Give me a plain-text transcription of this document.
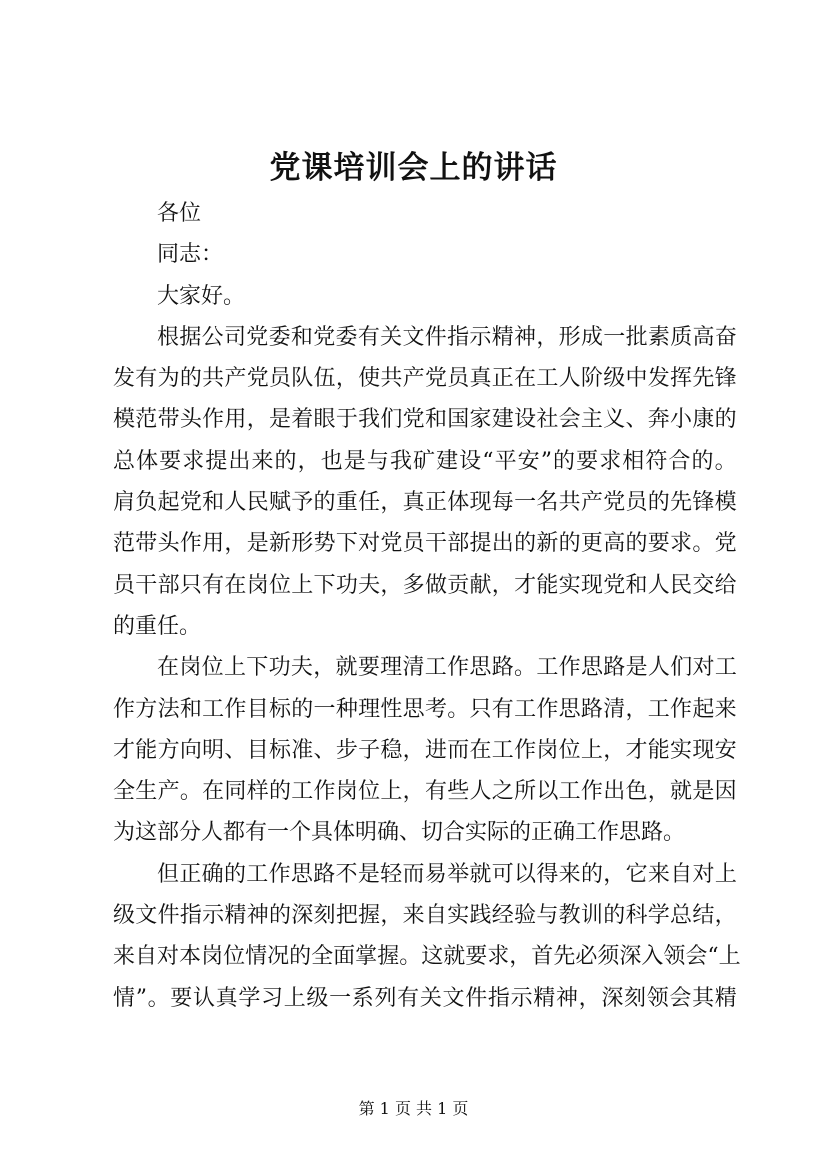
党课培训会上的讲话
各位
同志：
大家好。
根 据 公 司 党 委 和 党 委 有 关 文 件 指 示 精 神 ， 形 成 一 批 素 质 高 奋
发 有 为 的 共 产 党 员 队 伍 ， 使 共 产 党 员 真 正 在 工 人 阶 级 中 发 挥 先 锋
模 范 带 头 作 用 ， 是 着 眼 于 我 们 党 和 国 家 建 设 社 会 主 义 、 奔 小 康 的
总 体 要 求 提 出 来 的 ， 也 是 与 我 矿 建 设 “ 平 安 ” 的 要 求 相 符 合 的 。
肩 负 起 党 和 人 民 赋 予 的 重 任 ， 真 正 体 现 每 一 名 共 产 党 员 的 先 锋 模
范 带 头 作 用 ， 是 新 形 势 下 对 党 员 干 部 提 出 的 新 的 更 高 的 要 求 。 党
员 干 部 只 有 在 岗 位 上 下 功 夫 ， 多 做 贡 献 ， 才 能 实 现 党 和 人 民 交 给
的重任。
在 岗 位 上 下 功 夫 ， 就 要 理 清 工 作 思 路 。 工 作 思 路 是 人 们 对 工
作 方 法 和 工 作 目 标 的 一 种 理 性 思 考 。 只 有 工 作 思 路 清 ， 工 作 起 来
才 能 方 向 明 、 目 标 准 、 步 子 稳 ， 进 而 在 工 作 岗 位 上 ， 才 能 实 现 安
全 生 产 。 在 同 样 的 工 作 岗 位 上 ， 有 些 人 之 所 以 工 作 出 色 ， 就 是 因
为这部分人都有一个具体明确、切合实际的正确工作思路。
但 正 确 的 工 作 思 路 不 是 轻 而 易 举 就 可 以 得 来 的 ， 它 来 自 对 上
级 文 件 指 示 精 神 的 深 刻 把 握 ， 来 自 实 践 经 验 与 教 训 的 科 学 总 结 ，
来 自 对 本 岗 位 情 况 的 全 面 掌 握 。 这 就 要 求 ， 首 先 必 须 深 入 领 会 “ 上
情 ” 。 要 认 真 学 习 上 级 一 系 列 有 关 文 件 指 示 精 神 ， 深 刻 领 会 其 精

第 1 页 共 1 页
